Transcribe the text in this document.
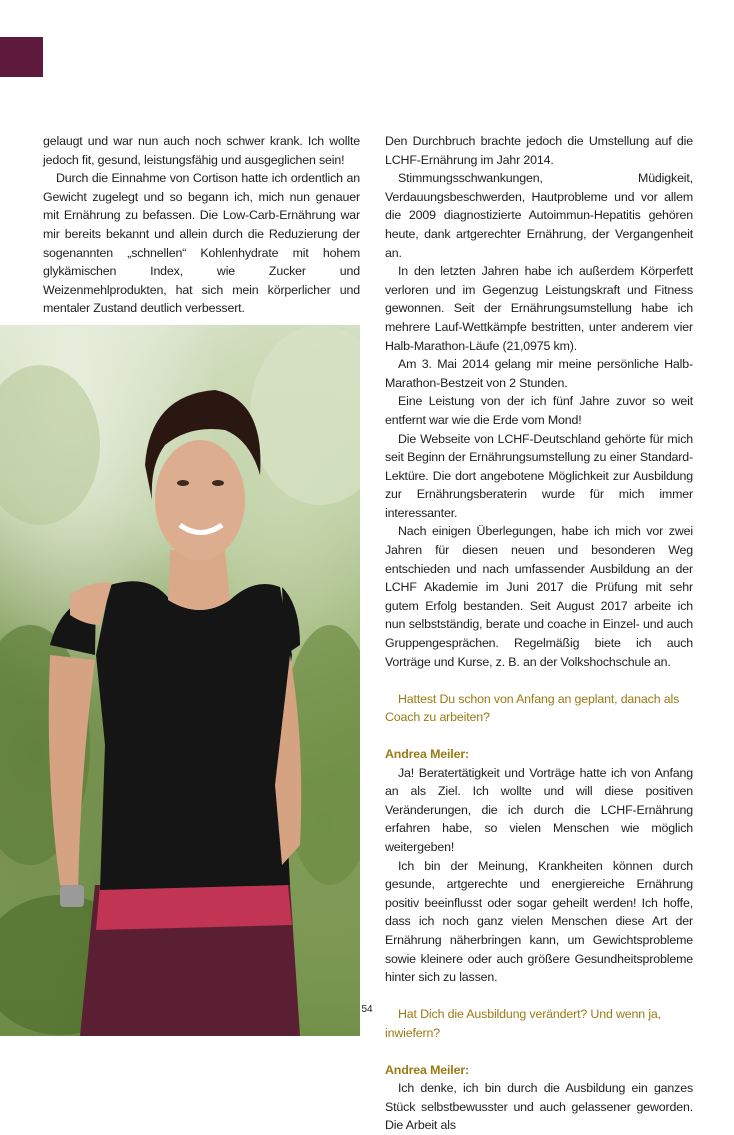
gelaugt und war nun auch noch schwer krank. Ich wollte jedoch fit, gesund, leistungsfähig und ausgeglichen sein!

Durch die Einnahme von Cortison hatte ich ordentlich an Gewicht zugelegt und so begann ich, mich nun genauer mit Ernährung zu befassen. Die Low-Carb-Ernährung war mir bereits bekannt und allein durch die Reduzierung der sogenannten „schnellen“ Kohlenhydrate mit hohem glykämischen Index, wie Zucker und Weizenmehlprodukten, hat sich mein körperlicher und mentaler Zustand deutlich verbessert.

Den Durchbruch brachte jedoch die Umstellung auf die LCHF-Ernährung im Jahr 2014.

Stimmungsschwankungen, Müdigkeit, Verdauungsbeschwerden, Hautprobleme und vor allem die 2009 diagnostizierte Autoimmun-Hepatitis gehören heute, dank artgerechter Ernährung, der Vergangenheit an.

In den letzten Jahren habe ich außerdem Körperfett verloren und im Gegenzug Leistungskraft und Fitness gewonnen. Seit der Ernährungsumstellung habe ich mehrere Lauf-Wettkämpfe bestritten, unter anderem vier Halb-Marathon-Läufe (21,0975 km).

Am 3. Mai 2014 gelang mir meine persönliche Halb-Marathon-Bestzeit von 2 Stunden.

Eine Leistung von der ich fünf Jahre zuvor so weit entfernt war wie die Erde vom Mond!

Die Webseite von LCHF-Deutschland gehörte für mich seit Beginn der Ernährungsumstellung zu einer Standard-Lektüre. Die dort angebotene Möglichkeit zur Ausbildung zur Ernährungsberaterin wurde für mich immer interessanter.

Nach einigen Überlegungen, habe ich mich vor zwei Jahren für diesen neuen und besonderen Weg entschieden und nach umfassender Ausbildung an der LCHF Akademie im Juni 2017 die Prüfung mit sehr gutem Erfolg bestanden. Seit August 2017 arbeite ich nun selbstständig, berate und coache in Einzel- und auch Gruppengesprächen. Regelmäßig biete ich auch Vorträge und Kurse, z. B. an der Volkshochschule an.

Hattest Du schon von Anfang an geplant, danach als Coach zu arbeiten?

Andrea Meiler:

Ja! Beratertätigkeit und Vorträge hatte ich von Anfang an als Ziel. Ich wollte und will diese positiven Veränderungen, die ich durch die LCHF-Ernährung erfahren habe, so vielen Menschen wie möglich weitergeben!

Ich bin der Meinung, Krankheiten können durch gesunde, artgerechte und energiereiche Ernährung positiv beeinflusst oder sogar geheilt werden! Ich hoffe, dass ich noch ganz vielen Menschen diese Art der Ernährung näherbringen kann, um Gewichtsprobleme sowie kleinere oder auch größere Gesundheitsprobleme hinter sich zu lassen.

Hat Dich die Ausbildung verändert? Und wenn ja, inwiefern?

Andrea Meiler:

Ich denke, ich bin durch die Ausbildung ein ganzes Stück selbstbewusster und auch gelassener geworden. Die Arbeit als

54
